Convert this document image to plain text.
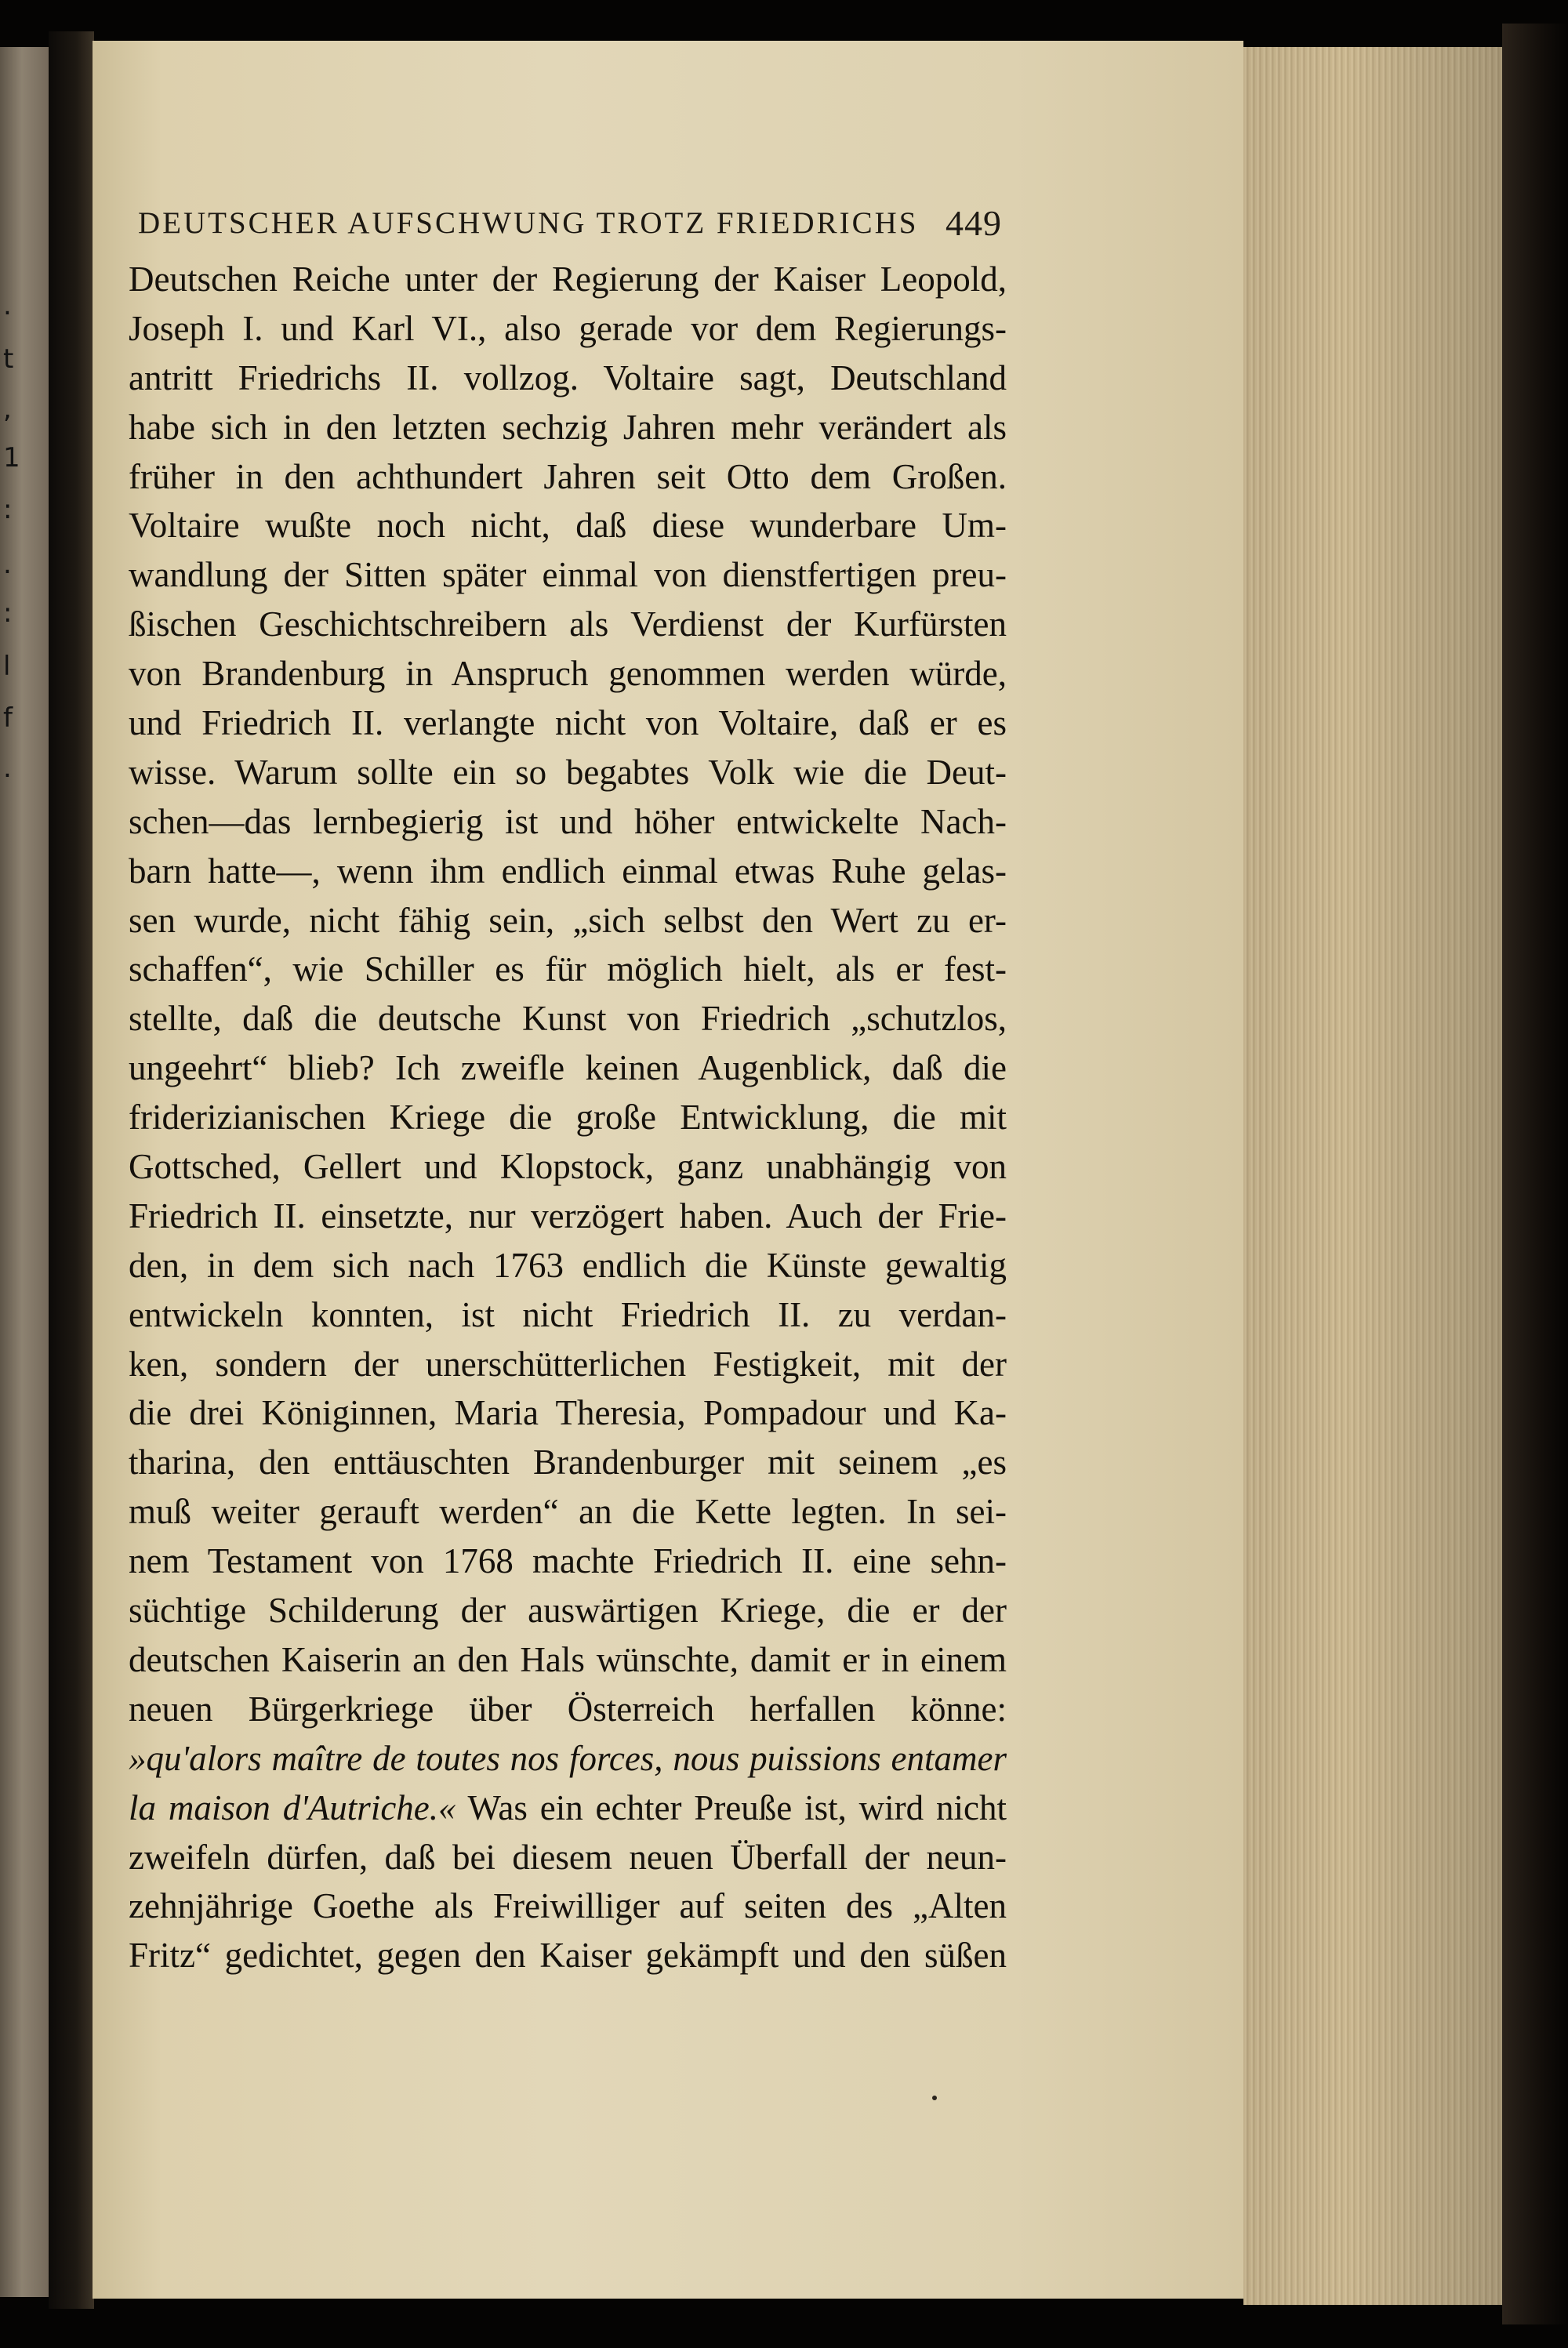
.
t
,
1
:
.
:
l
f
.
DEUTSCHER AUFSCHWUNG TROTZ FRIEDRICHS 449
Deutschen Reiche unter der Regierung der Kaiser Leopold,
Joseph I. und Karl VI., also gerade vor dem Regierungs-
antritt Friedrichs II. vollzog. Voltaire sagt, Deutschland
habe sich in den letzten sechzig Jahren mehr verändert als
früher in den achthundert Jahren seit Otto dem Großen.
Voltaire wußte noch nicht, daß diese wunderbare Um-
wandlung der Sitten später einmal von dienstfertigen preu-
ßischen Geschichtschreibern als Verdienst der Kurfürsten
von Brandenburg in Anspruch genommen werden würde,
und Friedrich II. verlangte nicht von Voltaire, daß er es
wisse. Warum sollte ein so begabtes Volk wie die Deut-
schen—das lernbegierig ist und höher entwickelte Nach-
barn hatte—, wenn ihm endlich einmal etwas Ruhe gelas-
sen wurde, nicht fähig sein, „sich selbst den Wert zu er-
schaffen“, wie Schiller es für möglich hielt, als er fest-
stellte, daß die deutsche Kunst von Friedrich „schutzlos,
ungeehrt“ blieb? Ich zweifle keinen Augenblick, daß die
friderizianischen Kriege die große Entwicklung, die mit
Gottsched, Gellert und Klopstock, ganz unabhängig von
Friedrich II. einsetzte, nur verzögert haben. Auch der Frie-
den, in dem sich nach 1763 endlich die Künste gewaltig
entwickeln konnten, ist nicht Friedrich II. zu verdan-
ken, sondern der unerschütterlichen Festigkeit, mit der
die drei Königinnen, Maria Theresia, Pompadour und Ka-
tharina, den enttäuschten Brandenburger mit seinem „es
muß weiter gerauft werden“ an die Kette legten. In sei-
nem Testament von 1768 machte Friedrich II. eine sehn-
süchtige Schilderung der auswärtigen Kriege, die er der
deutschen Kaiserin an den Hals wünschte, damit er in einem
neuen Bürgerkriege über Österreich herfallen könne:
»qu'alors maître de toutes nos forces, nous puissions entamer
la maison d'Autriche.« Was ein echter Preuße ist, wird nicht
zweifeln dürfen, daß bei diesem neuen Überfall der neun-
zehnjährige Goethe als Freiwilliger auf seiten des „Alten
Fritz“ gedichtet, gegen den Kaiser gekämpft und den süßen
